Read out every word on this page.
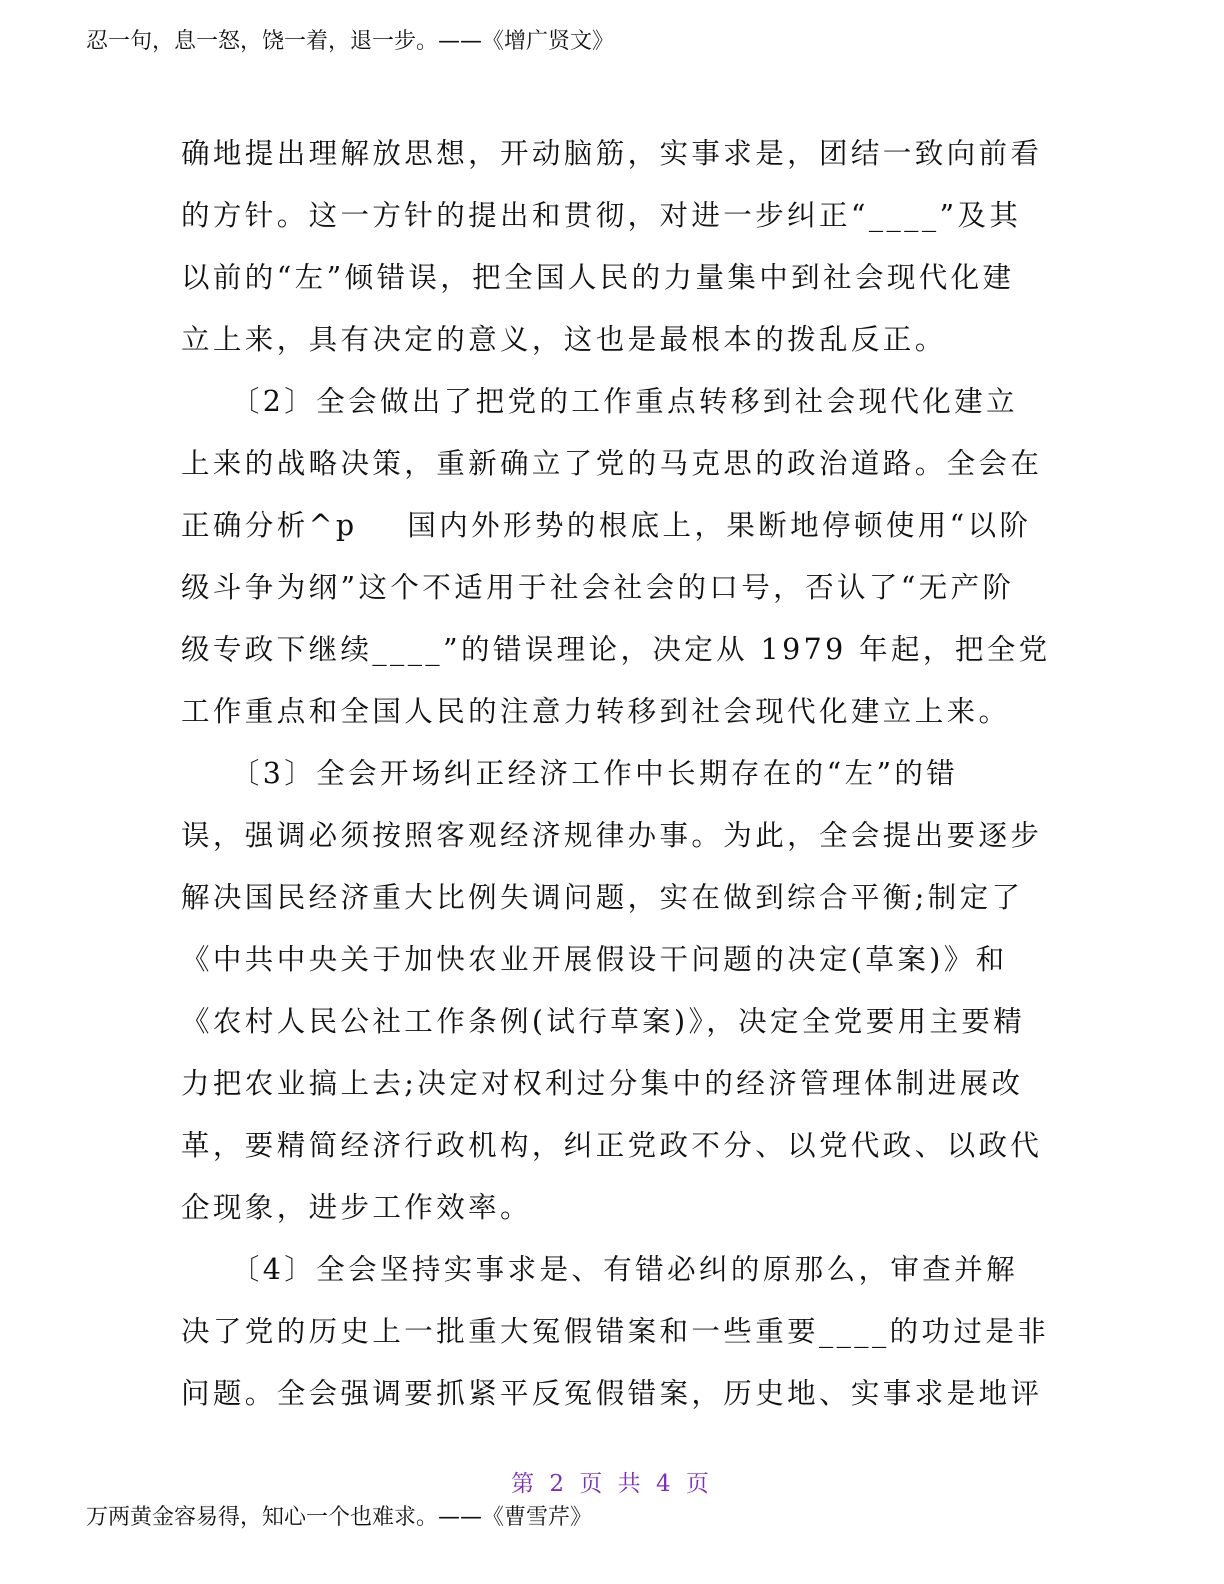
忍一句，息一怒，饶一着，退一步。——《增广贤文》
确地提出理解放思想，开动脑筋，实事求是，团结一致向前看
的方针。这一方针的提出和贯彻，对进一步纠正“____”及其
以前的“左”倾错误，把全国人民的力量集中到社会现代化建
立上来，具有决定的意义，这也是最根本的拨乱反正。
〔2〕全会做出了把党的工作重点转移到社会现代化建立
上来的战略决策，重新确立了党的马克思的政治道路。全会在
正确分析^p    国内外形势的根底上，果断地停顿使用“以阶
级斗争为纲”这个不适用于社会社会的口号，否认了“无产阶
级专政下继续____”的错误理论，决定从 1979 年起，把全党
工作重点和全国人民的注意力转移到社会现代化建立上来。
〔3〕全会开场纠正经济工作中长期存在的“左”的错
误，强调必须按照客观经济规律办事。为此，全会提出要逐步
解决国民经济重大比例失调问题，实在做到综合平衡;制定了
《中共中央关于加快农业开展假设干问题的决定(草案)》和
《农村人民公社工作条例(试行草案)》，决定全党要用主要精
力把农业搞上去;决定对权利过分集中的经济管理体制进展改
革，要精简经济行政机构，纠正党政不分、以党代政、以政代
企现象，进步工作效率。
〔4〕全会坚持实事求是、有错必纠的原那么，审查并解
决了党的历史上一批重大冤假错案和一些重要____的功过是非
问题。全会强调要抓紧平反冤假错案，历史地、实事求是地评
第 2 页 共 4 页
万两黄金容易得，知心一个也难求。——《曹雪芹》
